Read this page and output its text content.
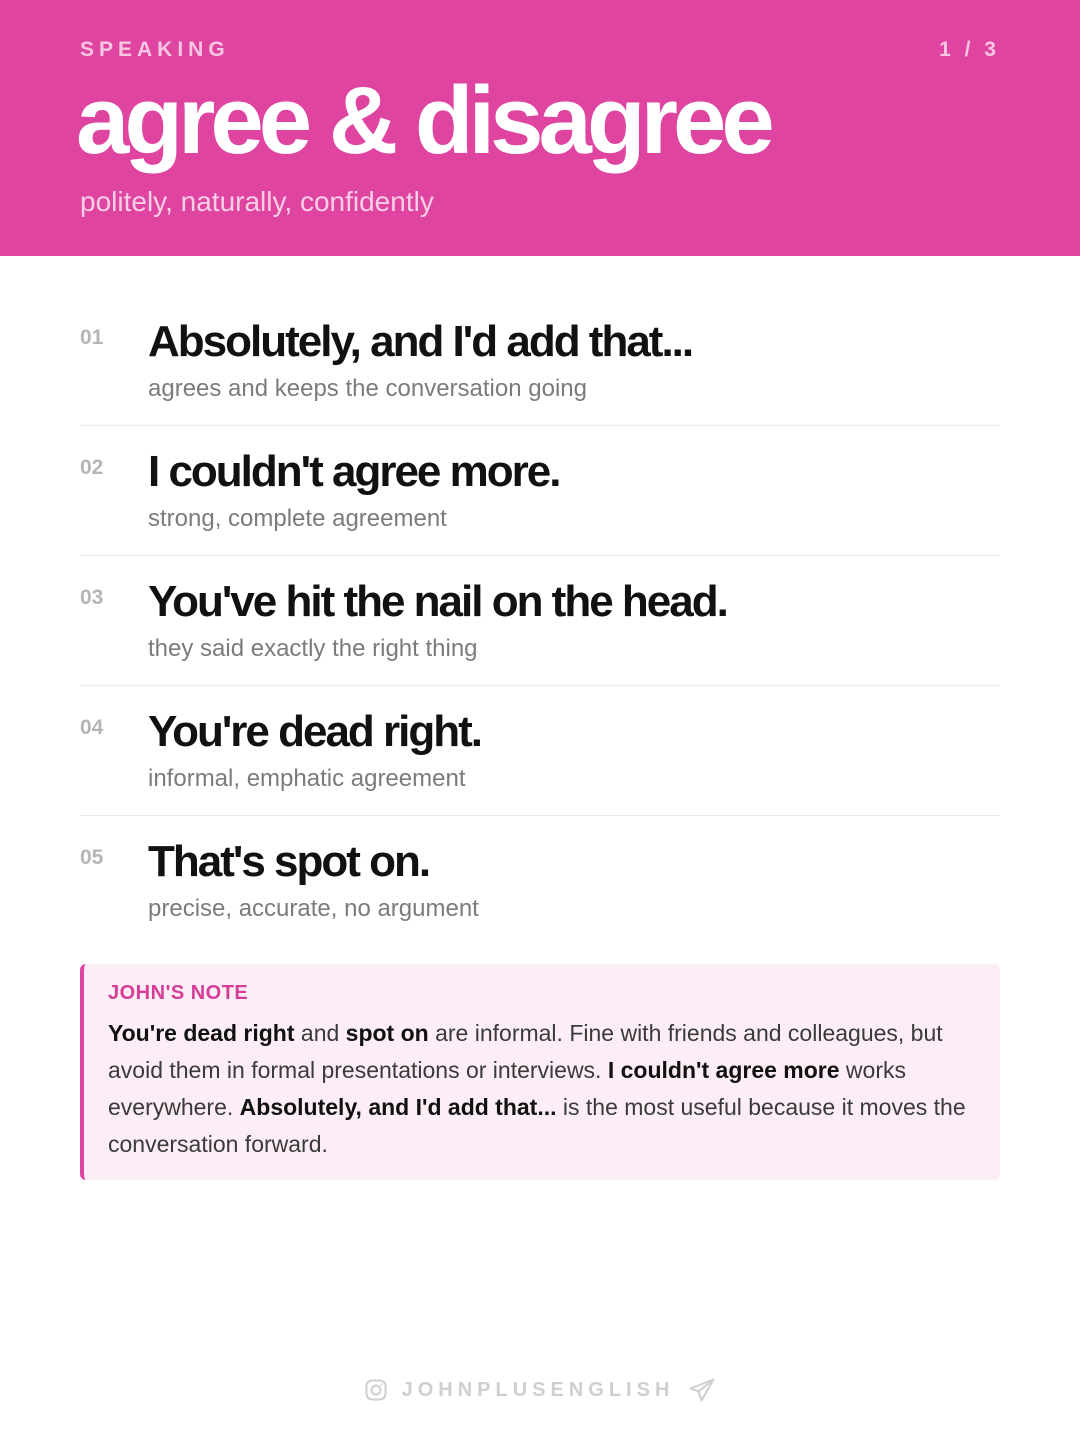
SPEAKING	1 / 3
agree & disagree
politely, naturally, confidently
01 Absolutely, and I'd add that...
agrees and keeps the conversation going
02 I couldn't agree more.
strong, complete agreement
03 You've hit the nail on the head.
they said exactly the right thing
04 You're dead right.
informal, emphatic agreement
05 That's spot on.
precise, accurate, no argument
JOHN'S NOTE
You're dead right and spot on are informal. Fine with friends and colleagues, but avoid them in formal presentations or interviews. I couldn't agree more works everywhere. Absolutely, and I'd add that... is the most useful because it moves the conversation forward.
JOHNPLUSENGLISH
